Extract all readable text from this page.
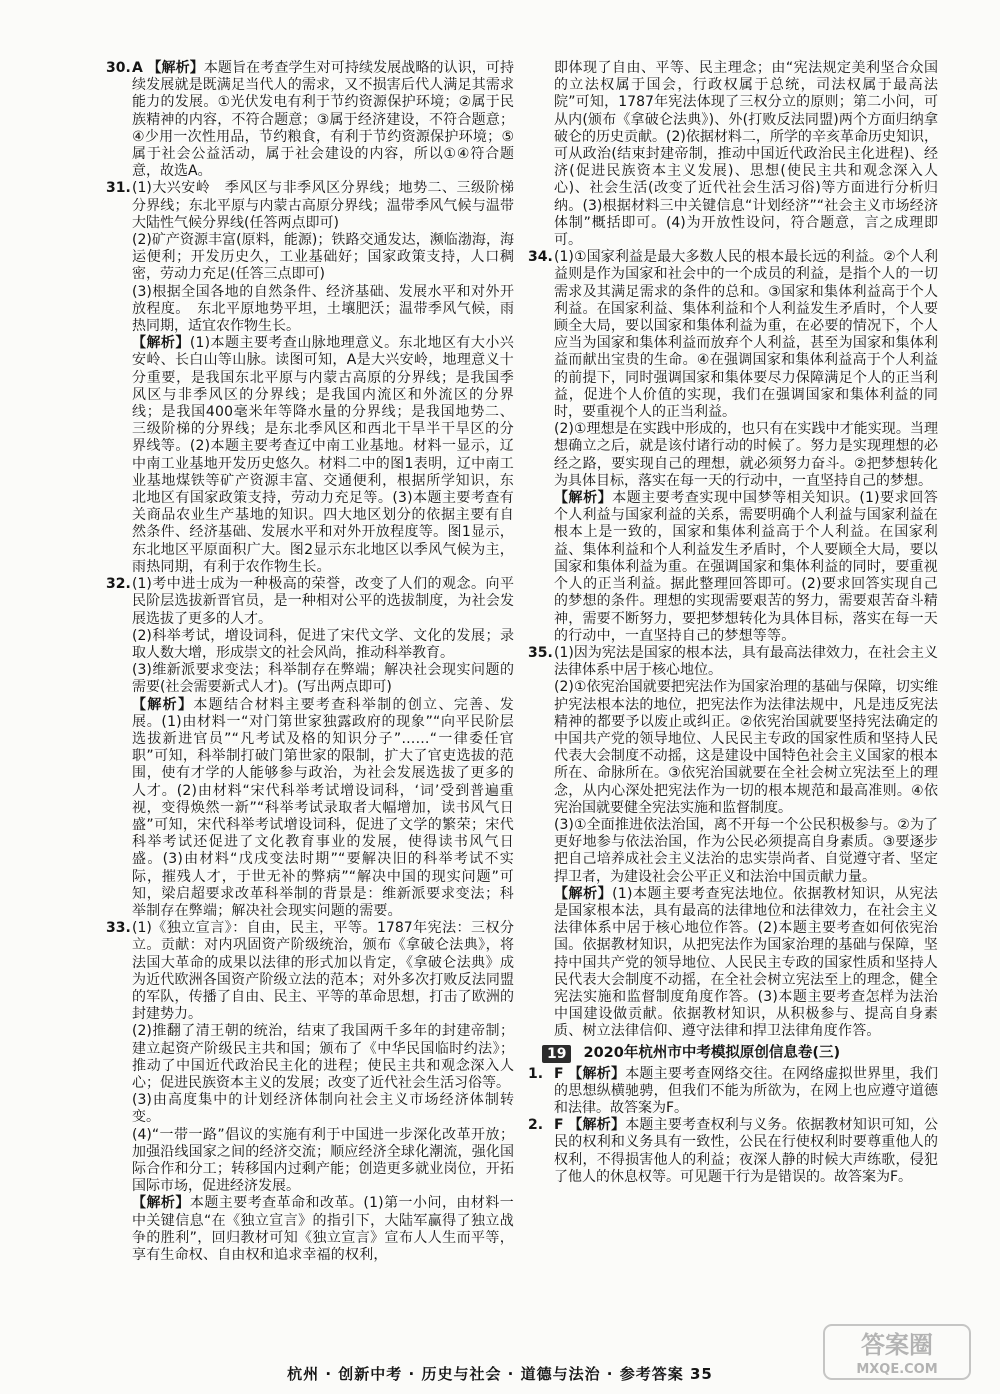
30. A 【解析】本题旨在考查学生对可持续发展战略的认识，可持续发展就是既满足当代人的需求，又不损害后代人满足其需求能力的发展。①光伏发电有利于节约资源保护环境；②属于民族精神的内容，不符合题意；③属于经济建设，不符合题意；④少用一次性用品，节约粮食，有利于节约资源保护环境；⑤属于社会公益活动，属于社会建设的内容，所以①④符合题意，故选A。

31. (1)大兴安岭　季风区与非季风区分界线；地势二、三级阶梯分界线；东北平原与内蒙古高原分界线；温带季风气候与温带大陆性气候分界线(任答两点即可)

(2)矿产资源丰富(原料，能源)；铁路交通发达，濒临渤海，海运便利；开发历史久，工业基础好；国家政策支持，人口稠密，劳动力充足(任答三点即可)

(3)根据全国各地的自然条件、经济基础、发展水平和对外开放程度。　东北平原地势平坦，土壤肥沃；温带季风气候，雨热同期，适宜农作物生长。

【解析】(1)本题主要考查山脉地理意义。东北地区有大小兴安岭、长白山等山脉。读图可知，A是大兴安岭，地理意义十分重要，是我国东北平原与内蒙古高原的分界线；是我国季风区与非季风区的分界线；是我国内流区和外流区的分界线；是我国400毫米年等降水量的分界线；是我国地势二、三级阶梯的分界线；是东北季风区和西北干旱半干旱区的分界线等。(2)本题主要考查辽中南工业基地。材料一显示，辽中南工业基地开发历史悠久。材料二中的图1表明，辽中南工业基地煤铁等矿产资源丰富、交通便利，根据所学知识，东北地区有国家政策支持，劳动力充足等。(3)本题主要考查有关商品农业生产基地的知识。四大地区划分的依据主要有自然条件、经济基础、发展水平和对外开放程度等。图1显示，东北地区平原面积广大。图2显示东北地区以季风气候为主，雨热同期，有利于农作物生长。

32. (1)考中进士成为一种极高的荣誉，改变了人们的观念。向平民阶层选拔新晋官员，是一种相对公平的选拔制度，为社会发展选拔了更多的人才。

(2)科举考试，增设词科，促进了宋代文学、文化的发展；录取人数大增，形成崇文的社会风尚，推动科举教育。

(3)维新派要求变法；科举制存在弊端；解决社会现实问题的需要(社会需要新式人才)。(写出两点即可)

【解析】本题结合材料主要考查科举制的创立、完善、发展。(1)由材料一“对门第世家独露政府的现象”“向平民阶层选拔新进官员”“凡考试及格的知识分子”……“一律委任官职”可知，科举制打破门第世家的限制，扩大了官吏选拔的范围，使有才学的人能够参与政治，为社会发展选拔了更多的人才。(2)由材料“宋代科举考试增设词科，‘词’受到普遍重视，变得焕然一新”“科举考试录取者大幅增加，读书风气日盛”可知，宋代科举考试增设词科，促进了文学的繁荣；宋代科举考试还促进了文化教育事业的发展，使得读书风气日盛。(3)由材料“戊戌变法时期”“要解决旧的科举考试不实际，摧残人才，于世无补的弊病”“解决中国的现实问题”可知，梁启超要求改革科举制的背景是：维新派要求变法；科举制存在弊端；解决社会现实问题的需要。

33. (1)《独立宣言》：自由，民主，平等。1787年宪法：三权分立。贡献：对内巩固资产阶级统治，颁布《拿破仑法典》，将法国大革命的成果以法律的形式加以肯定，《拿破仑法典》成为近代欧洲各国资产阶级立法的范本；对外多次打败反法同盟的军队，传播了自由、民主、平等的革命思想，打击了欧洲的封建势力。

(2)推翻了清王朝的统治，结束了我国两千多年的封建帝制；建立起资产阶级民主共和国；颁布了《中华民国临时约法》；推动了中国近代政治民主化的进程；使民主共和观念深入人心；促进民族资本主义的发展；改变了近代社会生活习俗等。

(3)由高度集中的计划经济体制向社会主义市场经济体制转变。

(4)“一带一路”倡议的实施有利于中国进一步深化改革开放；加强沿线国家之间的经济交流；顺应经济全球化潮流，强化国际合作和分工；转移国内过剩产能；创造更多就业岗位，开拓国际市场，促进经济发展。

【解析】本题主要考查革命和改革。(1)第一小问，由材料一中关键信息“在《独立宣言》的指引下，大陆军赢得了独立战争的胜利”，回归教材可知《独立宣言》宣布人人生而平等，享有生命权、自由权和追求幸福的权利，

即体现了自由、平等、民主理念；由“宪法规定美利坚合众国的立法权属于国会，行政权属于总统，司法权属于最高法院”可知，1787年宪法体现了三权分立的原则；第二小问，可从内(颁布《拿破仑法典》)、外(打败反法同盟)两个方面归纳拿破仑的历史贡献。(2)依据材料二，所学的辛亥革命历史知识，可从政治(结束封建帝制，推动中国近代政治民主化进程)、经济(促进民族资本主义发展)、思想(使民主共和观念深入人心)、社会生活(改变了近代社会生活习俗)等方面进行分析归纳。(3)根据材料三中关键信息“计划经济”“社会主义市场经济体制”概括即可。(4)为开放性设问，符合题意，言之成理即可。

34. (1)①国家利益是最大多数人民的根本最长远的利益。②个人利益则是作为国家和社会中的一个成员的利益，是指个人的一切需求及其满足需求的条件的总和。③国家和集体利益高于个人利益。在国家利益、集体利益和个人利益发生矛盾时，个人要顾全大局，要以国家和集体利益为重，在必要的情况下，个人应当为国家和集体利益而放弃个人利益，甚至为国家和集体利益而献出宝贵的生命。④在强调国家和集体利益高于个人利益的前提下，同时强调国家和集体要尽力保障满足个人的正当利益，促进个人价值的实现，我们在强调国家和集体利益的同时，要重视个人的正当利益。

(2)①理想是在实践中形成的，也只有在实践中才能实现。当理想确立之后，就是该付诸行动的时候了。努力是实现理想的必经之路，要实现自己的理想，就必须努力奋斗。②把梦想转化为具体目标，落实在每一天的行动中，一直坚持自己的梦想。

【解析】本题主要考查实现中国梦等相关知识。(1)要求回答个人利益与国家利益的关系，需要明确个人利益与国家利益在根本上是一致的，国家和集体利益高于个人利益。在国家利益、集体利益和个人利益发生矛盾时，个人要顾全大局，要以国家和集体利益为重。在强调国家和集体利益的同时，要重视个人的正当利益。据此整理回答即可。(2)要求回答实现自己的梦想的条件。理想的实现需要艰苦的努力，需要艰苦奋斗精神，需要不断努力，要把梦想转化为具体目标，落实在每一天的行动中，一直坚持自己的梦想等等。

35. (1)因为宪法是国家的根本法，具有最高法律效力，在社会主义法律体系中居于核心地位。

(2)①依宪治国就要把宪法作为国家治理的基础与保障，切实维护宪法根本法的地位，把宪法作为法律法规中，凡是违反宪法精神的都要予以废止或纠正。②依宪治国就要坚持宪法确定的中国共产党的领导地位、人民民主专政的国家性质和坚持人民代表大会制度不动摇，这是建设中国特色社会主义国家的根本所在、命脉所在。③依宪治国就要在全社会树立宪法至上的理念，从内心深处把宪法作为一切的根本规范和最高准则。④依宪治国就要健全宪法实施和监督制度。

(3)①全面推进依法治国，离不开每一个公民积极参与。②为了更好地参与依法治国，作为公民必须提高自身素质。③要逐步把自己培养成社会主义法治的忠实崇尚者、自觉遵守者、坚定捍卫者，为建设社会公平正义和法治中国贡献力量。

【解析】(1)本题主要考查宪法地位。依据教材知识，从宪法是国家根本法，具有最高的法律地位和法律效力，在社会主义法律体系中居于核心地位作答。(2)本题主要考查如何依宪治国。依据教材知识，从把宪法作为国家治理的基础与保障，坚持中国共产党的领导地位、人民民主专政的国家性质和坚持人民代表大会制度不动摇，在全社会树立宪法至上的理念，健全宪法实施和监督制度角度作答。(3)本题主要考查怎样为法治中国建设做贡献。依据教材知识，从积极参与、提高自身素质、树立法律信仰、遵守法律和捍卫法律角度作答。

19	2020年杭州市中考模拟原创信息卷(三)
1. F 【解析】本题主要考查网络交往。在网络虚拟世界里，我们的思想纵横驰骋，但我们不能为所欲为，在网上也应遵守道德和法律。故答案为F。

2. F 【解析】本题主要考查权利与义务。依据教材知识可知，公民的权利和义务具有一致性，公民在行使权利时要尊重他人的权利，不得损害他人的利益；夜深人静的时候大声练歌，侵犯了他人的休息权等。可见题干行为是错误的。故答案为F。

杭州 · 创新中考 · 历史与社会 · 道德与法治 · 参考答案 35
答案圈
MXQE.COM
